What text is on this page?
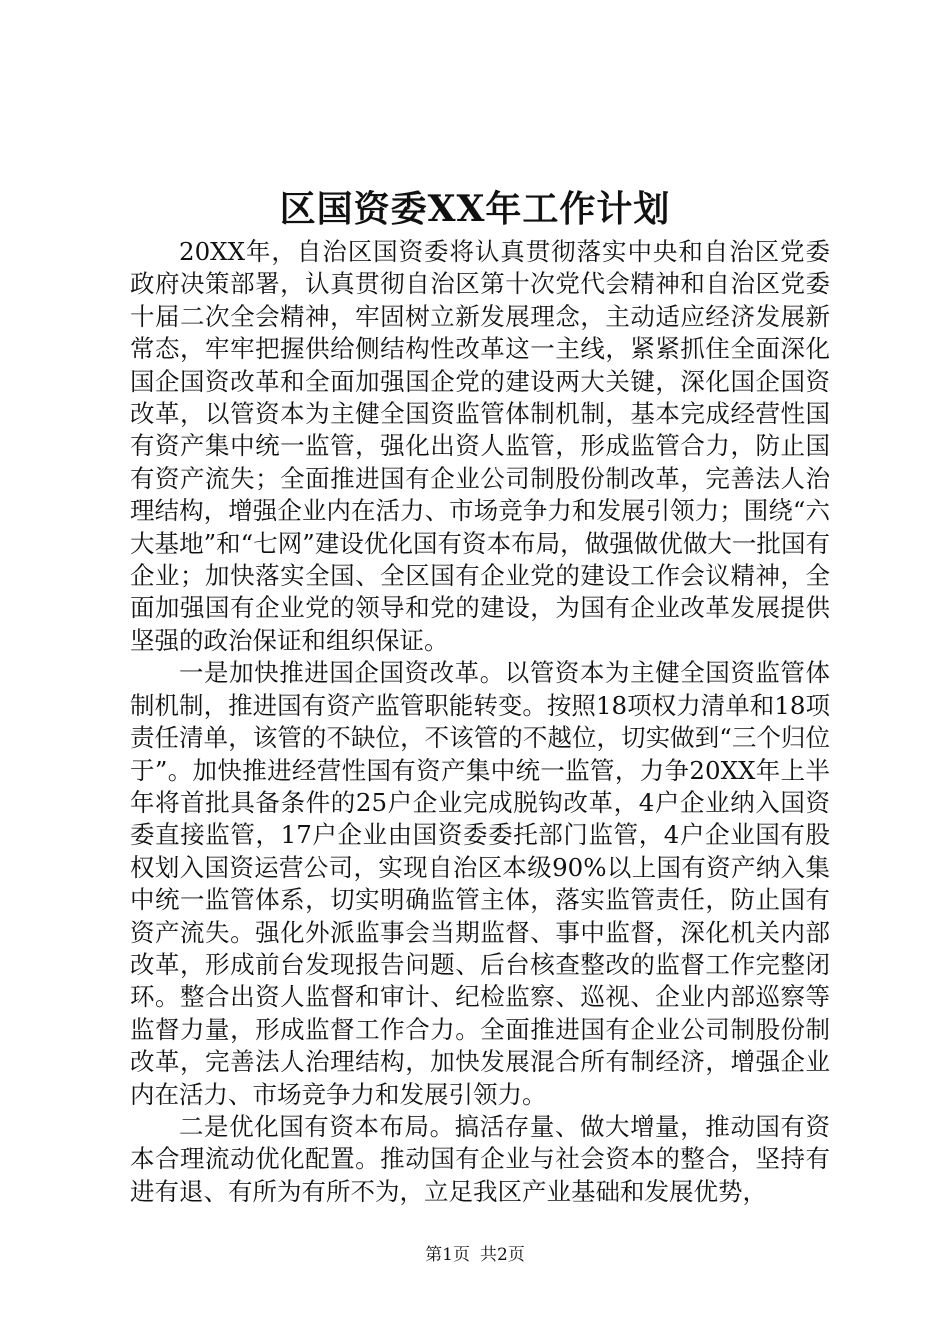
区国资委XX年工作计划

20XX年，自治区国资委将认真贯彻落实中央和自治区党委政府决策部署，认真贯彻自治区第十次党代会精神和自治区党委十届二次全会精神，牢固树立新发展理念，主动适应经济发展新常态，牢牢把握供给侧结构性改革这一主线，紧紧抓住全面深化国企国资改革和全面加强国企党的建设两大关键，深化国企国资改革，以管资本为主健全国资监管体制机制，基本完成经营性国有资产集中统一监管，强化出资人监管，形成监管合力，防止国有资产流失；全面推进国有企业公司制股份制改革，完善法人治理结构，增强企业内在活力、市场竞争力和发展引领力；围绕“六大基地”和“七网”建设优化国有资本布局，做强做优做大一批国有企业；加快落实全国、全区国有企业党的建设工作会议精神，全面加强国有企业党的领导和党的建设，为国有企业改革发展提供坚强的政治保证和组织保证。

一是加快推进国企国资改革。以管资本为主健全国资监管体制机制，推进国有资产监管职能转变。按照18项权力清单和18项责任清单，该管的不缺位，不该管的不越位，切实做到“三个归位于”。加快推进经营性国有资产集中统一监管，力争20XX年上半年将首批具备条件的25户企业完成脱钩改革，4户企业纳入国资委直接监管，17户企业由国资委委托部门监管，4户企业国有股权划入国资运营公司，实现自治区本级90%以上国有资产纳入集中统一监管体系，切实明确监管主体，落实监管责任，防止国有资产流失。强化外派监事会当期监督、事中监督，深化机关内部改革，形成前台发现报告问题、后台核查整改的监督工作完整闭环。整合出资人监督和审计、纪检监察、巡视、企业内部巡察等监督力量，形成监督工作合力。全面推进国有企业公司制股份制改革，完善法人治理结构，加快发展混合所有制经济，增强企业内在活力、市场竞争力和发展引领力。

二是优化国有资本布局。搞活存量、做大增量，推动国有资本合理流动优化配置。推动国有企业与社会资本的整合，坚持有进有退、有所为有所不为，立足我区产业基础和发展优势，

第1页 共2页
